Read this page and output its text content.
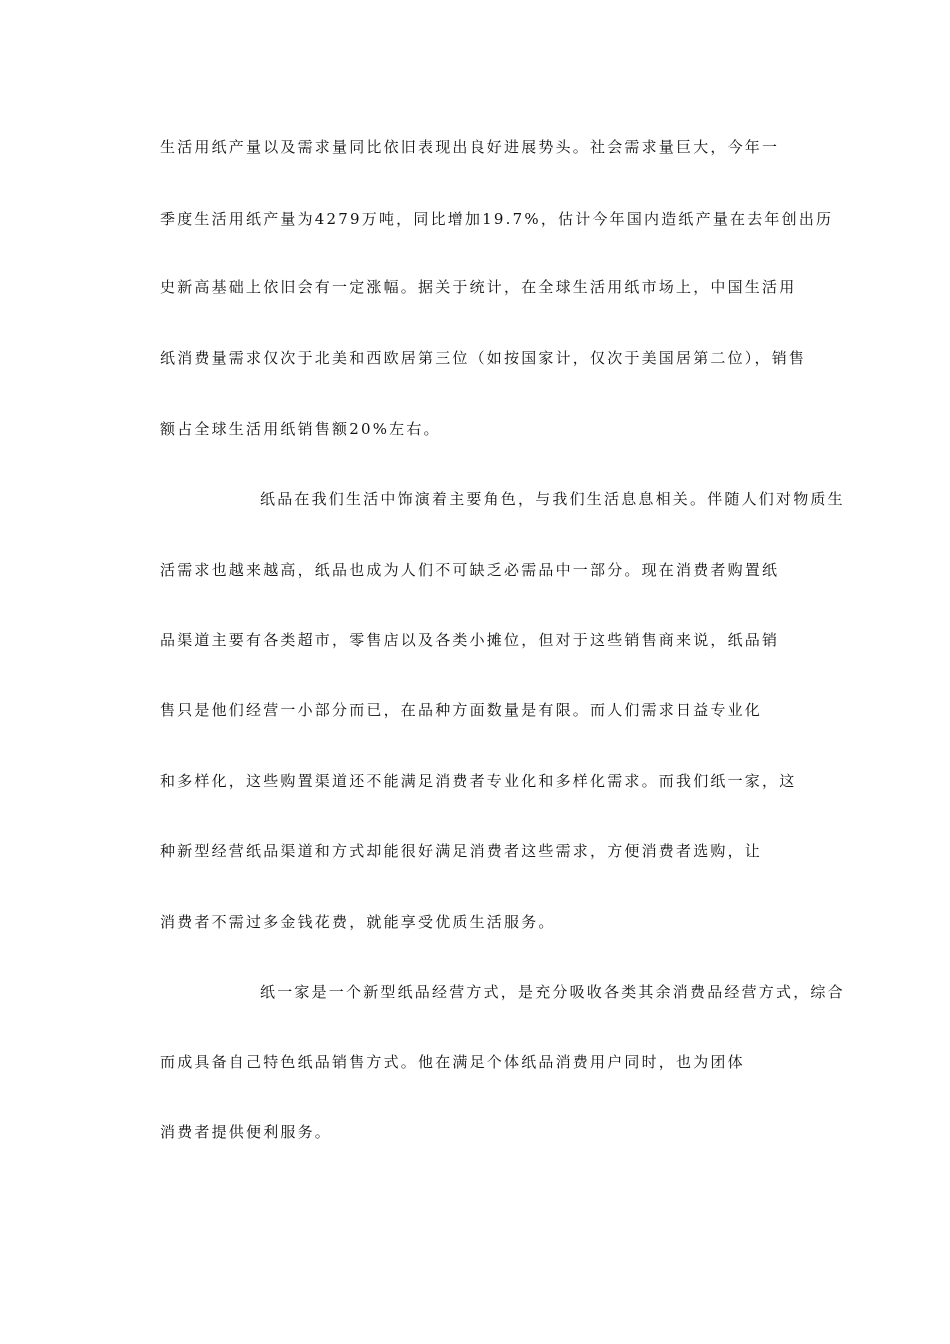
生活用纸产量以及需求量同比依旧表现出良好进展势头。社会需求量巨大，今年一
季度生活用纸产量为4279万吨，同比增加19.7%，估计今年国内造纸产量在去年创出历
史新高基础上依旧会有一定涨幅。据关于统计，在全球生活用纸市场上，中国生活用
纸消费量需求仅次于北美和西欧居第三位（如按国家计，仅次于美国居第二位），销售
额占全球生活用纸销售额20%左右。
纸品在我们生活中饰演着主要角色，与我们生活息息相关。伴随人们对物质生
活需求也越来越高，纸品也成为人们不可缺乏必需品中一部分。现在消费者购置纸
品渠道主要有各类超市，零售店以及各类小摊位，但对于这些销售商来说，纸品销
售只是他们经营一小部分而已，在品种方面数量是有限。而人们需求日益专业化
和多样化，这些购置渠道还不能满足消费者专业化和多样化需求。而我们纸一家，这
种新型经营纸品渠道和方式却能很好满足消费者这些需求，方便消费者选购，让
消费者不需过多金钱花费，就能享受优质生活服务。
纸一家是一个新型纸品经营方式，是充分吸收各类其余消费品经营方式，综合
而成具备自己特色纸品销售方式。他在满足个体纸品消费用户同时，也为团体
消费者提供便利服务。
